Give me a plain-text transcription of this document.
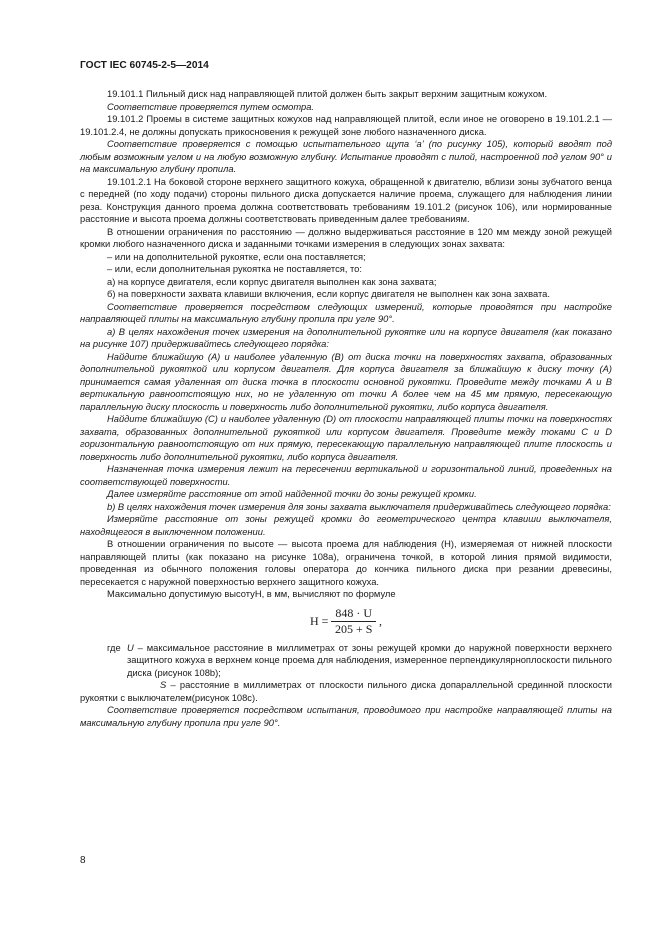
ГОСТ IEC 60745-2-5—2014

19.101.1 Пильный диск над направляющей плитой должен быть закрыт верхним защитным кожухом.

Соответствие проверяется путем осмотра.

19.101.2 Проемы в системе защитных кожухов над направляющей плитой, если иное не оговорено в 19.101.2.1 — 19.101.2.4, не должны допускать прикосновения к режущей зоне любого назначенного диска.

Соответствие проверяется с помощью испытательного щупа ‘а’ (по рисунку 105), который вводят под любым возможным углом и на любую возможную глубину. Испытание проводят с пилой, настроенной под углом 90° и на максимальную глубину пропила.

19.101.2.1 На боковой стороне верхнего защитного кожуха, обращенной к двигателю, вблизи зоны зубчатого венца с передней (по ходу подачи) стороны пильного диска допускается наличие проема, служащего для наблюдения линии реза. Конструкция данного проема должна соответствовать требованиям 19.101.2 (рисунок 106), или нормированные расстояние и высота проема должны соответствовать приведенным далее требованиям.

В отношении ограничения по расстоянию — должно выдерживаться расстояние в 120 мм между зоной режущей кромки любого назначенного диска и заданными точками измерения в следующих зонах захвата:

– или на дополнительной рукоятке, если она поставляется;

– или, если дополнительная рукоятка не поставляется, то:

а) на корпусе двигателя, если корпус двигателя выполнен как зона захвата;

б) на поверхности захвата клавиши включения, если корпус двигателя не выполнен как зона захвата.

Соответствие проверяется посредством следующих измерений, которые проводятся при настройке направляющей плиты на максимальную глубину пропила при угле 90°.

а) В целях нахождения точек измерения на дополнительной рукоятке или на корпусе двигателя (как показано на рисунке 107) придерживайтесь следующего порядка:

Найдите ближайшую (А) и наиболее удаленную (В) от диска точки на поверхностях захвата, образованных дополнительной рукояткой или корпусом двигателя. Для корпуса двигателя за ближайшую к диску точку (А) принимается самая удаленная от диска точка в плоскости основной рукоятки. Проведите между точками А и В вертикальную равноотстоящую них, но не удаленную от точки А более чем на 45 мм прямую, пересекающую параллельную диску плоскость и поверхность либо дополнительной рукоятки, либо корпуса двигателя.

Найдите ближайшую (С) и наиболее удаленную (D) от плоскости направляющей плиты точки на поверхностях захвата, образованных дополнительной рукояткой или корпусом двигателя. Проведите между токами С и D горизонтальную равноотстоящую от них прямую, пересекающую параллельную направляющей плите плоскость и поверхность либо дополнительной рукоятки, либо корпуса двигателя.

Назначенная точка измерения лежит на пересечении вертикальной и горизонтальной линий, проведенных на соответствующей поверхности.

Далее измеряйте расстояние от этой найденной точки до зоны режущей кромки.

b) В целях нахождения точек измерения для зоны захвата выключателя придерживайтесь следующего порядка:

Измеряйте расстояние от зоны режущей кромки до геометрического центра клавиши выключателя, находящегося в выключенном положении.

В отношении ограничения по высоте — высота проема для наблюдения (Н), измеряемая от нижней плоскости направляющей плиты (как показано на рисунке 108а), ограничена точкой, в которой линия прямой видимости, проведенная из обычного положения головы оператора до кончика пильного диска при резании древесины, пересекается с наружной поверхностью верхнего защитного кожуха.

Максимально допустимую высотуН, в мм, вычисляют по формуле

$H = \frac{848 \cdot U}{205 + S}$ ,
где U – максимальное расстояние в миллиметрах от зоны режущей кромки до наружной поверхности верхнего защитного кожуха в верхнем конце проема для наблюдения, измеренное перпендикулярноплоскости пильного диска (рисунок 108b);

S – расстояние в миллиметрах от плоскости пильного диска допараллельной срединной плоскости рукоятки с выключателем(рисунок 108с).

Соответствие проверяется посредством испытания, проводимого при настройке направляющей плиты на максимальную глубину пропила при угле 90°.

8
